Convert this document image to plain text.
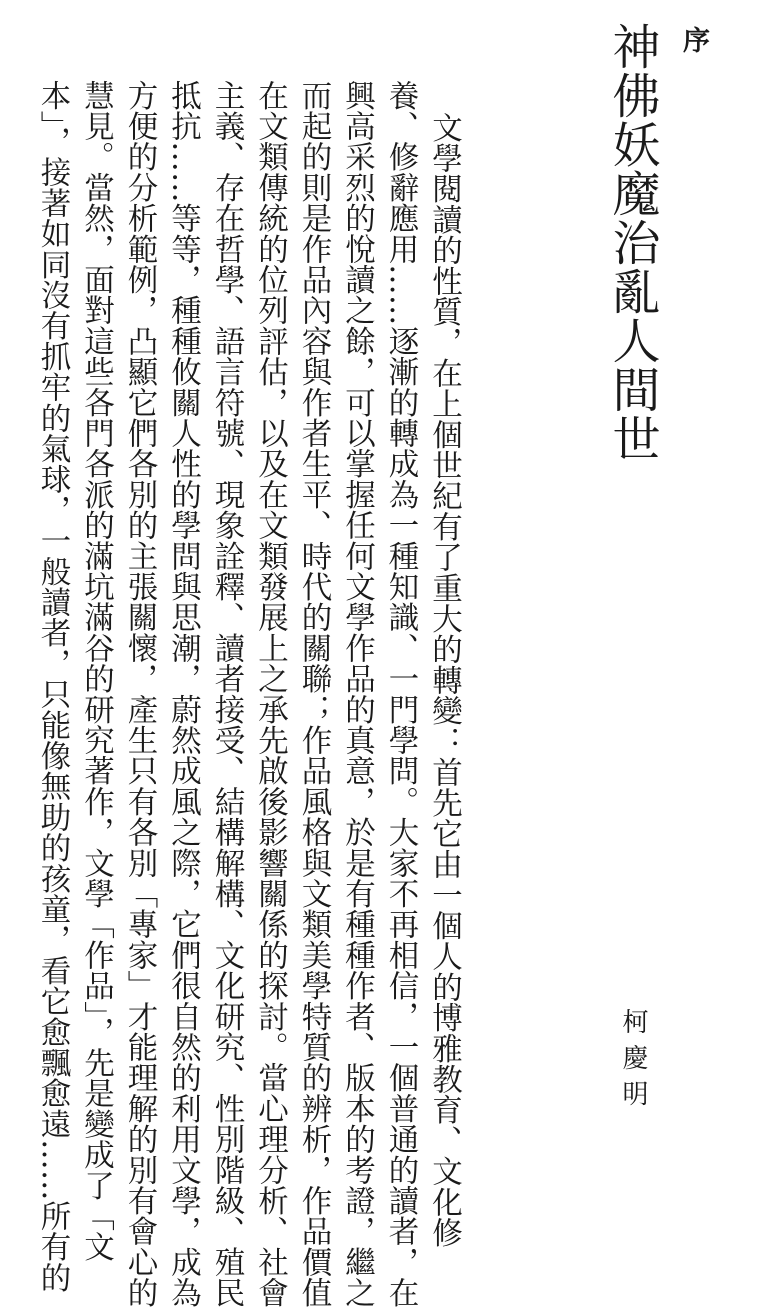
序
神佛妖魔治亂人間世
柯慶明
文學閱讀的性質，在上個世紀有了重大的轉變：首先它由一個人的博雅教育、文化修
養、修辭應用……逐漸的轉成為一種知識、一門學問。大家不再相信，一個普通的讀者，在
興高采烈的悅讀之餘，可以掌握任何文學作品的真意，於是有種種作者、版本的考證，繼之
而起的則是作品內容與作者生平、時代的關聯；作品風格與文類美學特質的辨析，作品價值
在文類傳統的位列評估，以及在文類發展上之承先啟後影響關係的探討。當心理分析、社會
主義、存在哲學、語言符號、現象詮釋、讀者接受、結構解構、文化研究、性別階級、殖民
抵抗……等等，種種攸關人性的學問與思潮，蔚然成風之際，它們很自然的利用文學，成為
方便的分析範例，凸顯它們各別的主張關懷，產生只有各別「專家」才能理解的別有會心的
慧見。當然，面對這些各門各派的滿坑滿谷的研究著作，文學「作品」，先是變成了「文
本」，接著如同沒有抓牢的氣球，一般讀者，只能像無助的孩童，看它愈飄愈遠……所有的
